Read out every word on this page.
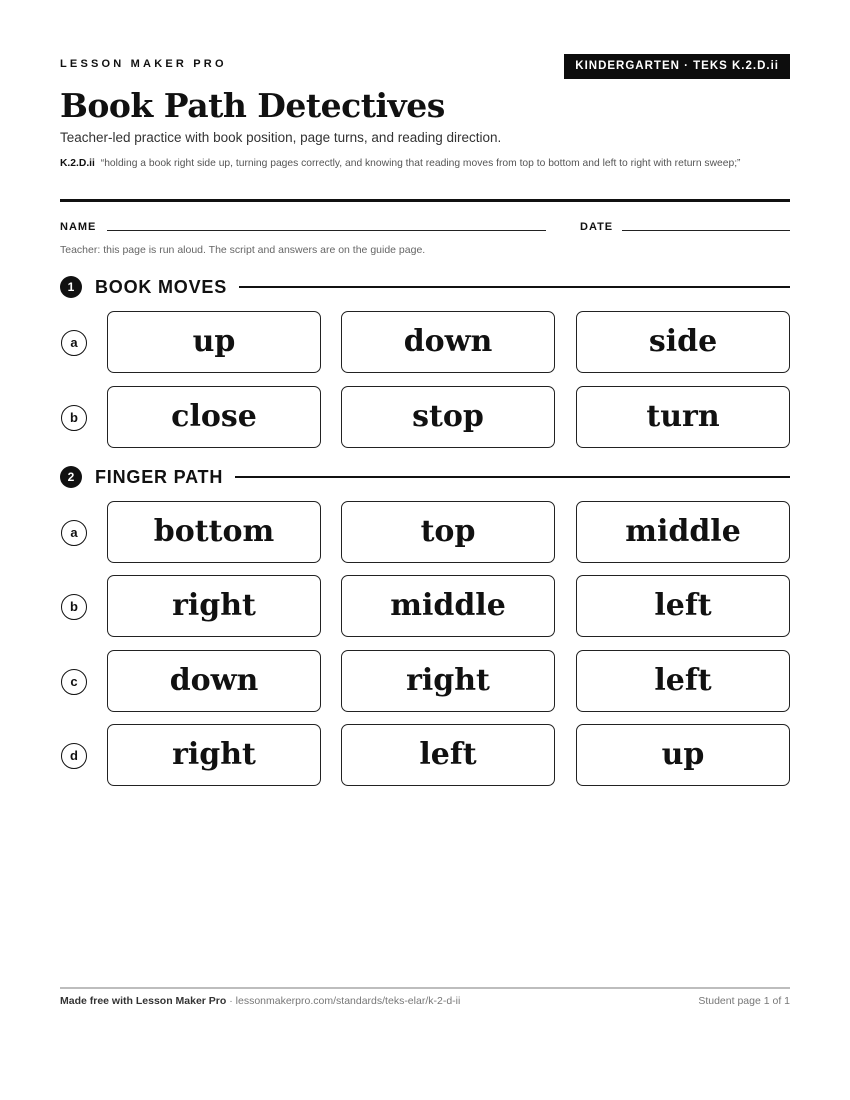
LESSON MAKER PRO	KINDERGARTEN · TEKS K.2.D.ii
Book Path Detectives
Teacher-led practice with book position, page turns, and reading direction.
K.2.D.ii “holding a book right side up, turning pages correctly, and knowing that reading moves from top to bottom and left to right with return sweep;”
NAME	DATE
Teacher: this page is run aloud. The script and answers are on the guide page.
1	BOOK MOVES
a	up	down	side
b	close	stop	turn
2	FINGER PATH
a	bottom	top	middle
b	right	middle	left
c	down	right	left
d	right	left	up
Made free with Lesson Maker Pro · lessonmakerpro.com/standards/teks-elar/k-2-d-ii	Student page 1 of 1
